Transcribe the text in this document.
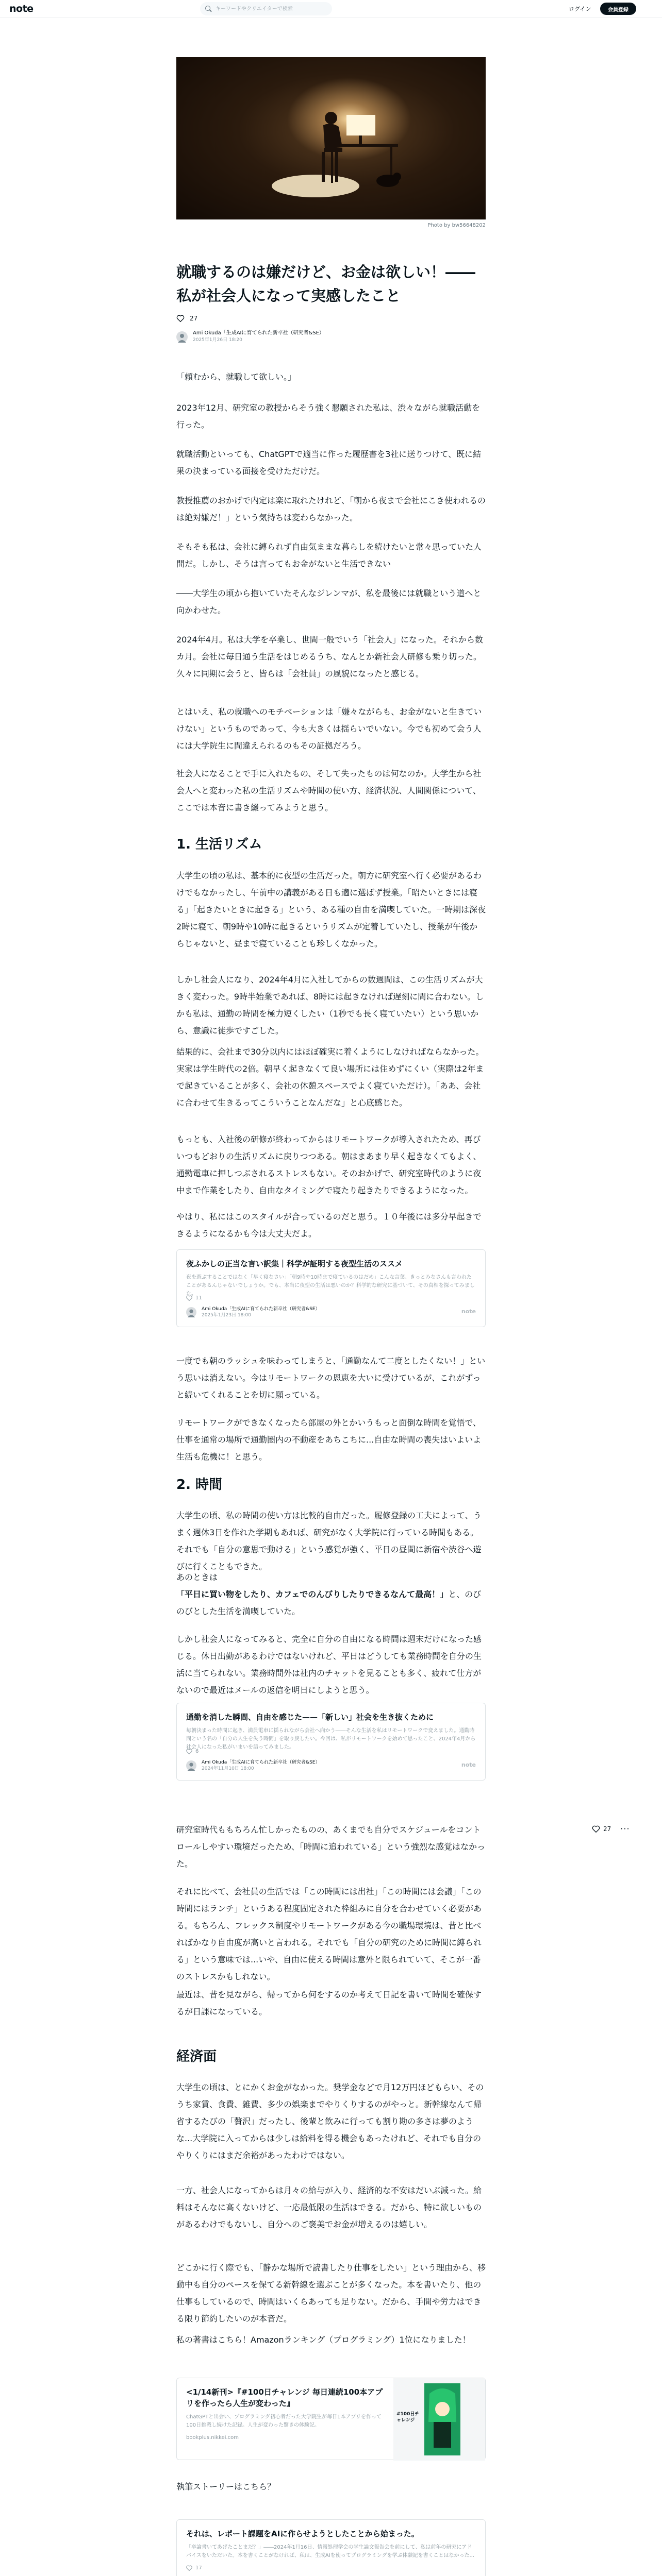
note
キーワードやクリエイターで検索	ログイン	会員登録
Photo by bw56648202
就職するのは嫌だけど、お金は欲しい！――
私が社会人になって実感したこと
27
Ami Okuda「生成AIに育てられた新卒社（研究者&SE）
2025年1月26日 18:20
「頼むから、就職して欲しい。」
2023年12月、研究室の教授からそう強く懇願された私は、渋々ながら就職活動を行った。
就職活動といっても、ChatGPTで適当に作った履歴書を3社に送りつけて、既に結果の決まっている面接を受けただけだ。
教授推薦のおかげで内定は楽に取れたけれど、「朝から夜まで会社にこき使われるのは絶対嫌だ！」という気持ちは変わらなかった。
そもそも私は、会社に縛られず自由気ままな暮らしを続けたいと常々思っていた人間だ。しかし、そうは言ってもお金がないと生活できない
――大学生の頃から抱いていたそんなジレンマが、私を最後には就職という道へと向かわせた。
2024年4月。私は大学を卒業し、世間一般でいう「社会人」になった。それから数カ月。会社に毎日通う生活をはじめるうち、なんとか新社会人研修も乗り切った。久々に同期に会うと、皆らは「会社員」の風貌になったと感じる。
とはいえ、私の就職へのモチベーションは「嫌々ながらも、お金がないと生きていけない」というものであって、今も大きくは揺らいでいない。今でも初めて会う人には大学院生に間違えられるのもその証拠だろう。
社会人になることで手に入れたもの、そして失ったものは何なのか。大学生から社会人へと変わった私の生活リズムや時間の使い方、経済状況、人間関係について、ここでは本音に書き綴ってみようと思う。
1. 生活リズム
大学生の頃の私は、基本的に夜型の生活だった。朝方に研究室へ行く必要があるわけでもなかったし、午前中の講義がある日も適に選ばず授業。「昭たいときには寝る」「起きたいときに起きる」という、ある種の自由を満喫していた。一時期は深夜2時に寝て、朝9時や10時に起きるというリズムが定着していたし、授業が午後からじゃないと、昼まで寝ていることも珍しくなかった。
しかし社会人になり、2024年4月に入社してからの数週間は、この生活リズムが大きく変わった。9時半始業であれば、8時には起きなければ遅刻に間に合わない。しかも私は、通勤の時間を極力短くしたい（1秒でも長く寝ていたい）という思いから、意識に徒歩ですごした。
結果的に、会社まで30分以内にはほぼ確実に着くようにしなければならなかった。実家は学生時代の2倍。朝早く起きなくて良い場所には住めずにくい（実際は2年まで起きていることが多く、会社の休憩スペースでよく寝ていただけ）。「ああ、会社に合わせて生きるってこういうことなんだな」と心底感じた。
もっとも、入社後の研修が終わってからはリモートワークが導入されたため、再びいつもどおりの生活リズムに戻りつつある。朝はまあまり早く起きなくてもよく、通勤電車に押しつぶされるストレスもない。そのおかげで、研究室時代のように夜中まで作業をしたり、自由なタイミングで寝たり起きたりできるようになった。
やはり、私にはこのスタイルが合っているのだと思う。１０年後には多分早起きできるようになるかも今は大丈夫だよ。
夜ふかしの正当な言い訳集｜科学が証明する夜型生活のススメ
夜を遊ぶすることではなく「早く寝なさい」「朝9時や10時まで寝ているのはだめ」こんな言葉、きっとみなさんも言われたことがあるんじゃないでしょうか。でも、本当に夜型の生活は悪いのか？科学的な研究に基づいて、その真相を探ってみました。
11
Ami Okuda「生成AIに育てられた新卒社（研究者&SE）
2025年1月23日 18:00
note
一度でも朝のラッシュを味わってしまうと、「通勤なんて二度としたくない！」という思いは消えない。今はリモートワークの恩恵を大いに受けているが、これがずっと続いてくれることを切に願っている。
リモートワークができなくなったら部屋の外とかいうもっと面倒な時間を覚悟で、仕事を通常の場所で通勤圏内の不動産をあちこちに...自由な時間の喪失はいよいよ生活も危機に！と思う。
2. 時間
大学生の頃、私の時間の使い方は比較的自由だった。履修登録の工夫によって、うまく週休3日を作れた学期もあれば、研究がなく大学院に行っている時間もある。それでも「自分の意思で動ける」という感覚が強く、平日の昼間に新宿や渋谷へ遊びに行くこともできた。
あのときは「平日に買い物をしたり、カフェでのんびりしたりできるなんて最高！」と、のびのびとした生活を満喫していた。
しかし社会人になってみると、完全に自分の自由になる時間は週末だけになった感じる。休日出勤があるわけではないけれど、平日はどうしても業務時間を自分の生活に当てられない。業務時間外は社内のチャットを見ることも多く、疲れて仕方がないので最近はメールの返信を明日にしようと思う。
通勤を消した瞬間、自由を感じた——「新しい」社会を生き抜くために
毎朝決まった時間に起き、満員電車に揺られながら会社へ向かう――そんな生活を私はリモートワークで変えました。通勤時間という名の「自分の人生を失う時間」を取り戻したい。今回は、私がリモートワークを始めて思ったこと、2024年4月から社会人になった私がいまいを語ってみました。
6
Ami Okuda「生成AIに育てられた新卒社（研究者&SE）
2024年11月10日 18:00
note
研究室時代ももちろん忙しかったものの、あくまでも自分でスケジュールをコントロールしやすい環境だったため、「時間に追われている」という強烈な感覚はなかった。
それに比べて、会社員の生活では「この時間には出社」「この時間には会議」「この時間にはランチ」というある程度固定された枠組みに自分を合わせていく必要がある。もちろん、フレックス制度やリモートワークがある今の職場環境は、昔と比べればかなり自由度が高いと言われる。それでも「自分の研究のために時間に縛られる」という意味では...いや、自由に使える時間は意外と限られていて、そこが一番のストレスかもしれない。
最近は、昔を見ながら、帰ってから何をするのか考えて日記を書いて時間を確保するが日課になっている。
経済面
大学生の頃は、とにかくお金がなかった。奨学金などで月12万円ほどもらい、そのうち家賃、食費、雑費、多少の娯楽までやりくりするのがやっと。新幹線なんて帰省するたびの「贅沢」だったし、後輩と飲みに行っても割り勘の多さは夢のような...大学院に入ってからは少しは給料を得る機会もあったけれど、それでも自分のやりくりにはまだ余裕があったわけではない。
一方、社会人になってからは月々の給与が入り、経済的な不安はだいぶ減った。給料はそんなに高くないけど、一応最低限の生活はできる。だから、特に欲しいものがあるわけでもないし、自分へのご褒美でお金が増えるのは嬉しい。
どこかに行く際でも、「静かな場所で読書したり仕事をしたい」という理由から、移動中も自分のペースを保てる新幹線を選ぶことが多くなった。本を書いたり、他の仕事もしているので、時間はいくらあっても足りない。だから、手間や労力はできる限り節約したいのが本音だ。
私の著書はこちら！Amazonランキング（プログラミング）1位になりました！
<1/14新刊>『#100日チャレンジ 毎日連続100本アプリを作ったら人生が変わった』
ChatGPTと出会い、プログラミング初心者だった大学院生が毎日1本アプリを作って100日挑戦し続けた記録。人生が変わった驚きの体験記。
bookplus.nikkei.com
#100日チャレンジ
執筆ストーリーはこちら？
それは、レポート課題をAIに作らせようとしたことから始まった。
「卒論書いてあげたことまだ？」――2024年1月16日、情報処理学会の学生論文報告会を前にして、私は前年の研究にアドバイスをいただいた。本を書くことがなければ、私は、生成AIを使ってプログラミングを学ぶ体験記を書くことはなかった...
17
27 ···
